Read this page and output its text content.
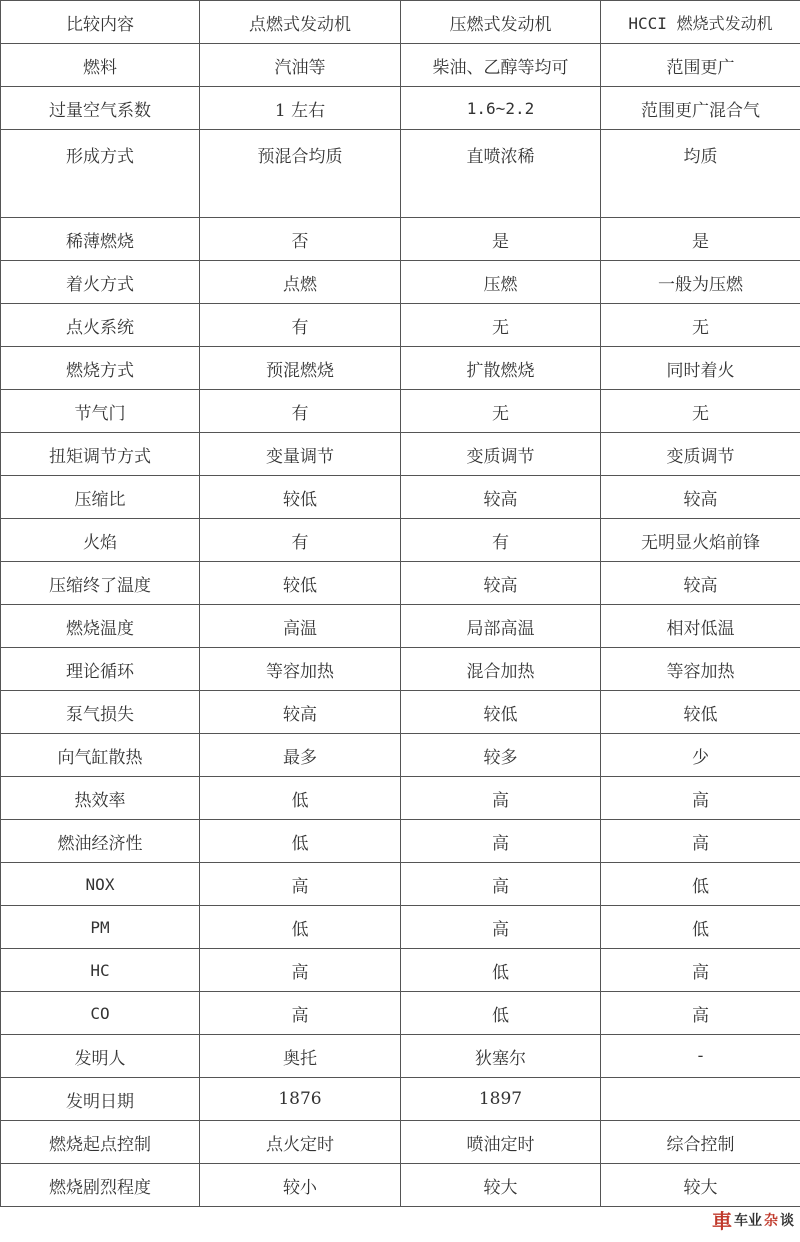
比较内容	点燃式发动机	压燃式发动机	HCCI 燃烧式发动机
燃料	汽油等	柴油、乙醇等均可	范围更广
过量空气系数	1 左右	1.6~2.2	范围更广混合气
形成方式	预混合均质	直喷浓稀	均质
稀薄燃烧	否	是	是
着火方式	点燃	压燃	一般为压燃
点火系统	有	无	无
燃烧方式	预混燃烧	扩散燃烧	同时着火
节气门	有	无	无
扭矩调节方式	变量调节	变质调节	变质调节
压缩比	较低	较高	较高
火焰	有	有	无明显火焰前锋
压缩终了温度	较低	较高	较高
燃烧温度	高温	局部高温	相对低温
理论循环	等容加热	混合加热	等容加热
泵气损失	较高	较低	较低
向气缸散热	最多	较多	少
热效率	低	高	高
燃油经济性	低	高	高
NOX	高	高	低
PM	低	高	低
HC	高	低	高
CO	高	低	高
发明人	奥托	狄塞尔	-
发明日期	1876	1897	
燃烧起点控制	点火定时	喷油定时	综合控制
燃烧剧烈程度	较小	较大	较大
車 车业 杂 谈
